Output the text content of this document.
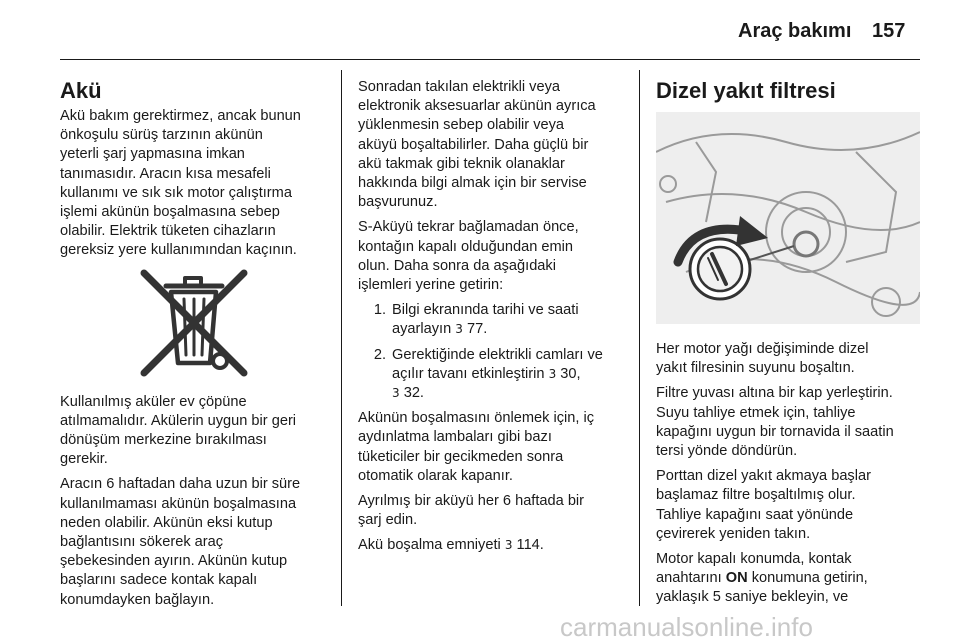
Araç bakımı 157
Akü

Akü bakım gerektirmez, ancak bunun
önkoşulu sürüş tarzının akünün
yeterli şarj yapmasına imkan
tanımasıdır. Aracın kısa mesafeli
kullanımı ve sık sık motor çalıştırma
işlemi akünün boşalmasına sebep
olabilir. Elektrik tüketen cihazların
gereksiz yere kullanımından kaçının.

Kullanılmış aküler ev çöpüne
atılmamalıdır. Akülerin uygun bir geri
dönüşüm merkezine bırakılması
gerekir.

Aracın 6 haftadan daha uzun bir süre
kullanılmaması akünün boşalmasına
neden olabilir. Akünün eksi kutup
bağlantısını sökerek araç
şebekesinden ayırın. Akünün kutup
başlarını sadece kontak kapalı
konumdayken bağlayın.

Sonradan takılan elektrikli veya
elektronik aksesuarlar akünün ayrıca
yüklenmesin sebep olabilir veya
aküyü boşaltabilirler. Daha güçlü bir
akü takmak gibi teknik olanaklar
hakkında bilgi almak için bir servise
başvurunuz.

S-Aküyü tekrar bağlamadan önce,
kontağın kapalı olduğundan emin
olun. Daha sonra da aşağıdaki
işlemleri yerine getirin:

1. Bilgi ekranında tarihi ve saati
ayarlayın 3 77.
2. Gerektiğinde elektrikli camları ve
açılır tavanı etkinleştirin 3 30,
3 32.

Akünün boşalmasını önlemek için, iç
aydınlatma lambaları gibi bazı
tüketiciler bir gecikmeden sonra
otomatik olarak kapanır.

Ayrılmış bir aküyü her 6 haftada bir
şarj edin.

Akü boşalma emniyeti 3 114.

Dizel yakıt filtresi

Her motor yağı değişiminde dizel
yakıt filresinin suyunu boşaltın.

Filtre yuvası altına bir kap yerleştirin.
Suyu tahliye etmek için, tahliye
kapağını uygun bir tornavida il saatin
tersi yönde döndürün.

Porttan dizel yakıt akmaya başlar
başlamaz filtre boşaltılmış olur.
Tahliye kapağını saat yönünde
çevirerek yeniden takın.

Motor kapalı konumda, kontak
anahtarını ON konumuna getirin,
yaklaşık 5 saniye bekleyin, ve

carmanualsonline.info
